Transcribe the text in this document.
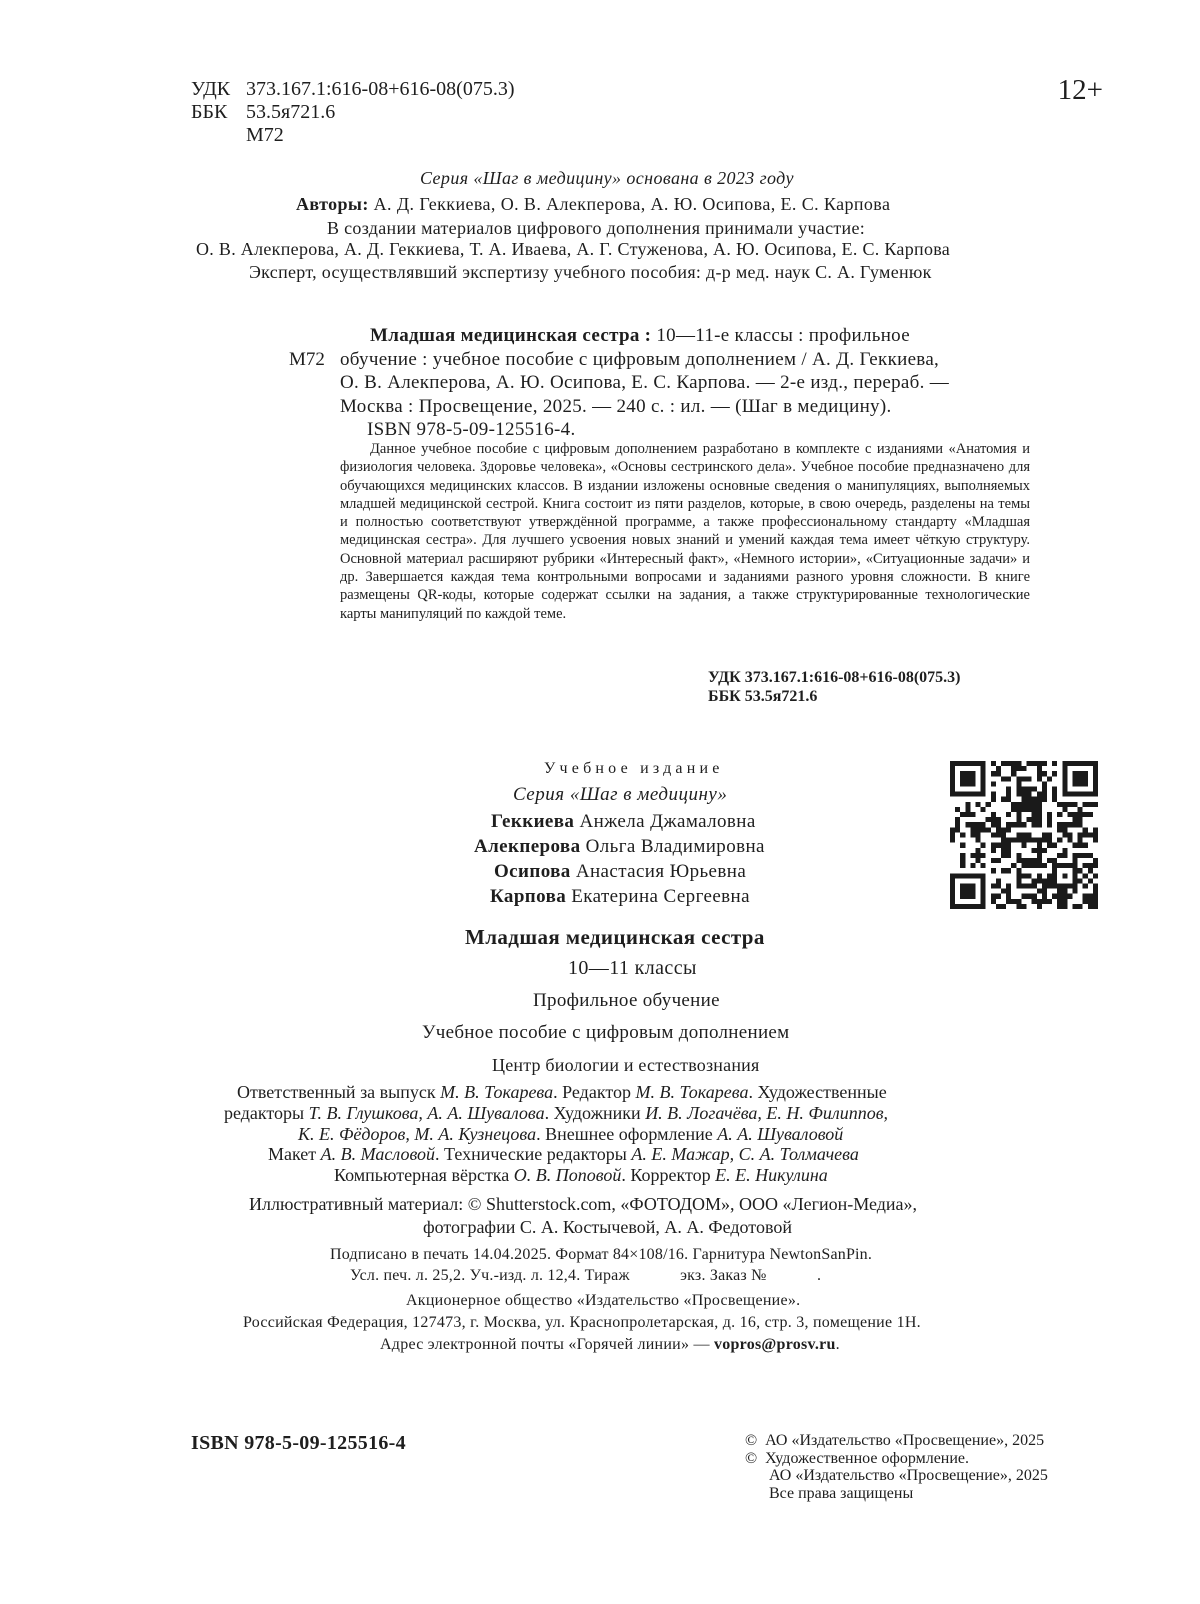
УДК 373.167.1:616-08+616-08(075.3)
ББК 53.5я721.6
М72
12+
Серия «Шаг в медицину» основана в 2023 году
Авторы: А. Д. Геккиева, О. В. Алекперова, А. Ю. Осипова, Е. С. Карпова
В создании материалов цифрового дополнения принимали участие:
О. В. Алекперова, А. Д. Геккиева, Т. А. Иваева, А. Г. Стуженова, А. Ю. Осипова, Е. С. Карпова
Эксперт, осуществлявший экспертизу учебного пособия: д-р мед. наук С. А. Гуменюк
М72
Младшая медицинская сестра : 10—11-е классы : профильное
обучение : учебное пособие с цифровым дополнением / А. Д. Геккиева,
О. В. Алекперова, А. Ю. Осипова, Е. С. Карпова. — 2-е изд., перераб. —
Москва : Просвещение, 2025. — 240 с. : ил. — (Шаг в медицину).
ISBN 978-5-09-125516-4.
Данное учебное пособие с цифровым дополнением разработано в комплекте с изданиями «Анатомия и физиология человека. Здоровье человека», «Основы сестринского дела». Учебное пособие предназначено для обучающихся медицинских классов. В издании изложены основные сведения о манипуляциях, выполняемых младшей медицинской сестрой. Книга состоит из пяти разделов, которые, в свою очередь, разделены на темы и полностью соответствуют утверждённой программе, а также профессиональному стандарту «Младшая медицинская сестра». Для лучшего усвоения новых знаний и умений каждая тема имеет чёткую структуру. Основной материал расширяют рубрики «Интересный факт», «Немного истории», «Ситуационные задачи» и др. Завершается каждая тема контрольными вопросами и заданиями разного уровня сложности. В книге размещены QR-коды, которые содержат ссылки на задания, а также структурированные технологические карты манипуляций по каждой теме.
УДК 373.167.1:616-08+616-08(075.3)
ББК 53.5я721.6
Учебное издание
Серия «Шаг в медицину»
Геккиева Анжела Джамаловна
Алекперова Ольга Владимировна
Осипова Анастасия Юрьевна
Карпова Екатерина Сергеевна
Младшая медицинская сестра
10—11 классы
Профильное обучение
Учебное пособие с цифровым дополнением
Центр биологии и естествознания
Ответственный за выпуск М. В. Токарева. Редактор М. В. Токарева. Художественные
редакторы Т. В. Глушкова, А. А. Шувалова. Художники И. В. Логачёва, Е. Н. Филиппов,
К. Е. Фёдоров, М. А. Кузнецова. Внешнее оформление А. А. Шуваловой
Макет А. В. Масловой. Технические редакторы А. Е. Мажар, С. А. Толмачева
Компьютерная вёрстка О. В. Поповой. Корректор Е. Е. Никулина
Иллюстративный материал: © Shutterstock.com, «ФОТОДОМ», ООО «Легион-Медиа»,
фотографии С. А. Костычевой, А. А. Федотовой
Подписано в печать 14.04.2025. Формат 84×108/16. Гарнитура NewtonSanPin.
Усл. печ. л. 25,2. Уч.-изд. л. 12,4. Тираж            экз. Заказ №            .
Акционерное общество «Издательство «Просвещение».
Российская Федерация, 127473, г. Москва, ул. Краснопролетарская, д. 16, стр. 3, помещение 1Н.
Адрес электронной почты «Горячей линии» — vopros@prosv.ru.
ISBN 978-5-09-125516-4	©  АО «Издательство «Просвещение», 2025
©  Художественное оформление.
АО «Издательство «Просвещение», 2025
Все права защищены
